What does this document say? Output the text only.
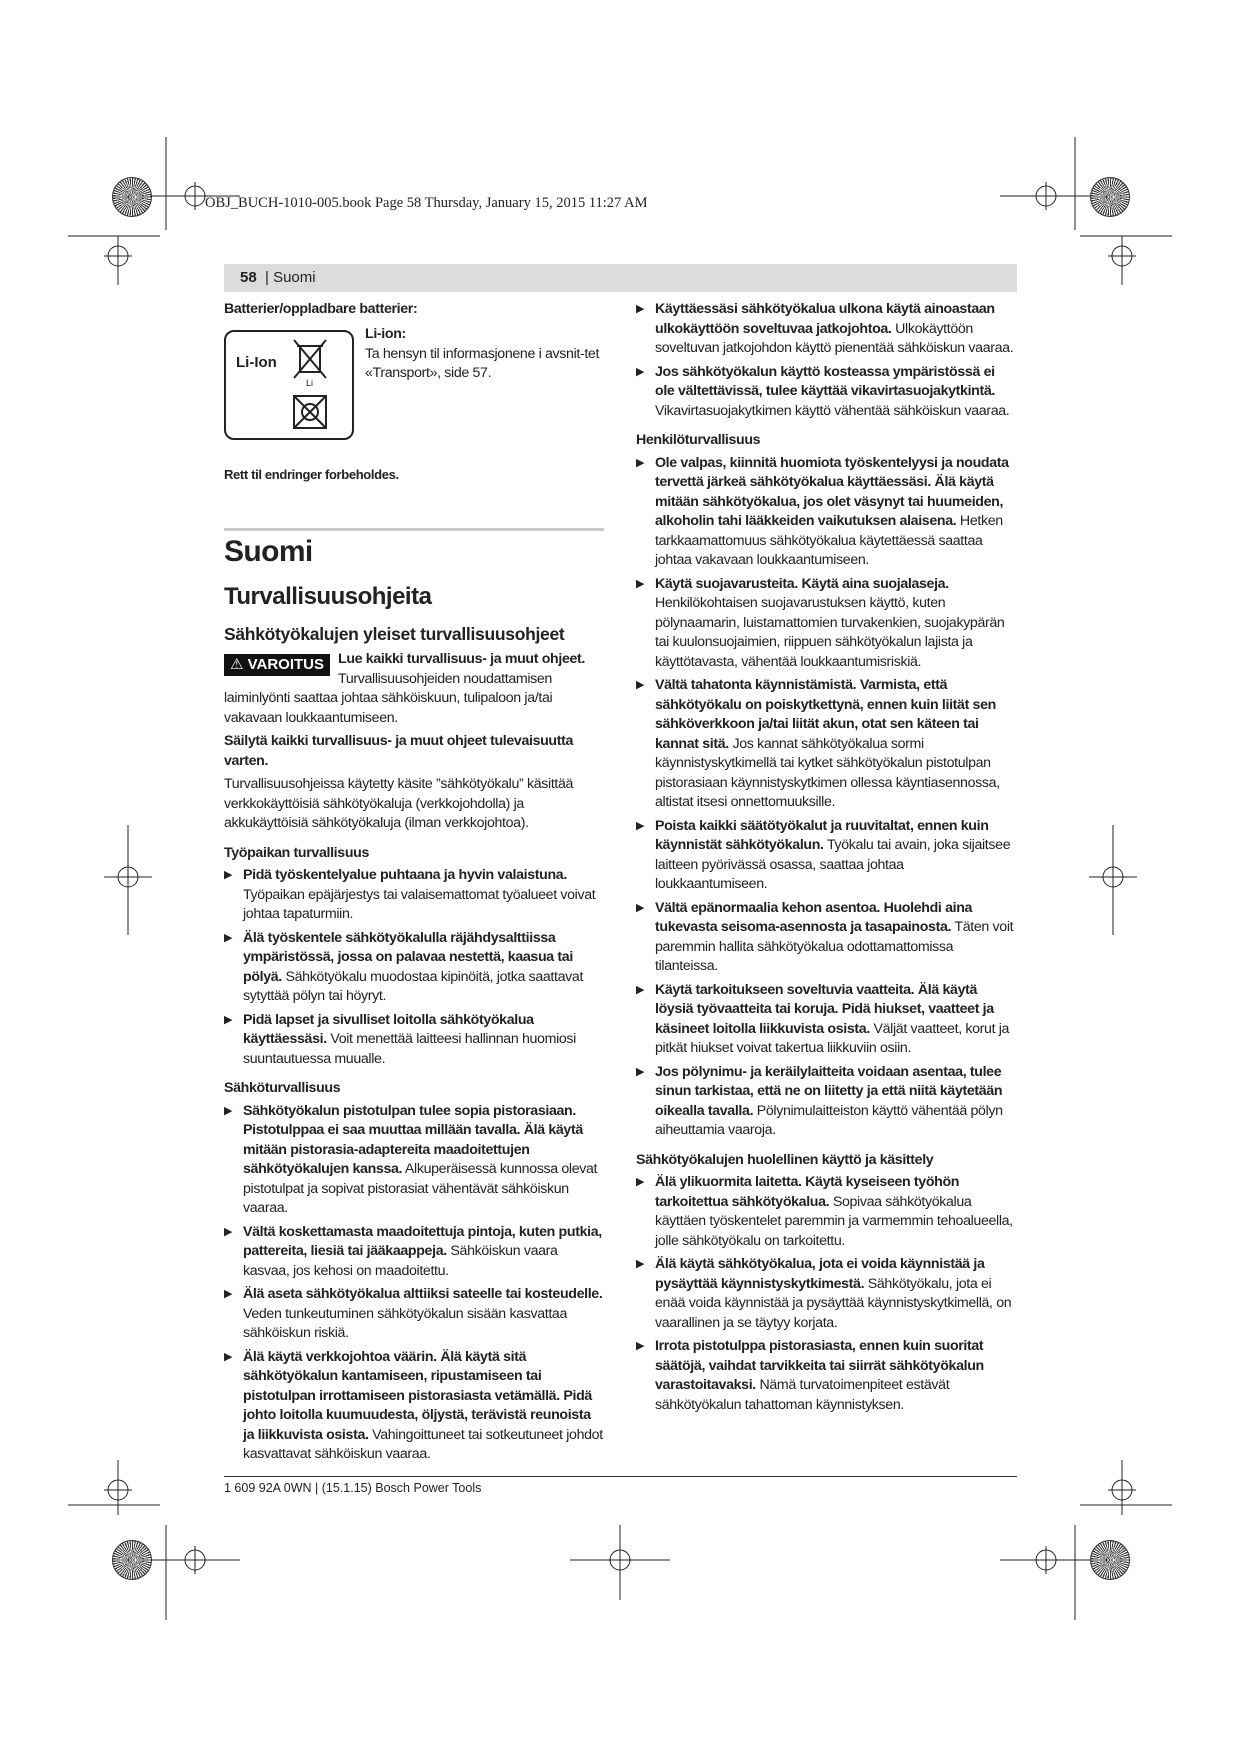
OBJ_BUCH-1010-005.book Page 58 Thursday, January 15, 2015 11:27 AM
58 | Suomi
Batterier/oppladbare batterier:
Li-Ion
Li
Li-ion:
Ta hensyn til informasjonene i avsnit-tet «Transport», side 57.
Rett til endringer forbeholdes.
Suomi
Turvallisuusohjeita
Sähkötyökalujen yleiset turvallisuusohjeet

⚠ VAROITUS Lue kaikki turvallisuus- ja muut ohjeet. Turvallisuusohjeiden noudattamisen laiminlyönti saattaa johtaa sähköiskuun, tulipaloon ja/tai vakavaan loukkaantumiseen.

Säilytä kaikki turvallisuus- ja muut ohjeet tulevaisuutta varten.

Turvallisuusohjeissa käytetty käsite ”sähkötyökalu” käsittää verkkokäyttöisiä sähkötyökaluja (verkkojohdolla) ja akkukäyttöisiä sähkötyökaluja (ilman verkkojohtoa).

Työpaikan turvallisuus
▶ Pidä työskentelyalue puhtaana ja hyvin valaistuna. Työpaikan epäjärjestys tai valaisemattomat työalueet voivat johtaa tapaturmiin.
▶ Älä työskentele sähkötyökalulla räjähdysalttiissa ympäristössä, jossa on palavaa nestettä, kaasua tai pölyä. Sähkötyökalu muodostaa kipinöitä, jotka saattavat sytyttää pölyn tai höyryt.
▶ Pidä lapset ja sivulliset loitolla sähkötyökalua käyttäessäsi. Voit menettää laitteesi hallinnan huomiosi suuntautuessa muualle.
Sähköturvallisuus
▶ Sähkötyökalun pistotulpan tulee sopia pistorasiaan. Pistotulppaa ei saa muuttaa millään tavalla. Älä käytä mitään pistorasia-adaptereita maadoitettujen sähkötyökalujen kanssa. Alkuperäisessä kunnossa olevat pistotulpat ja sopivat pistorasiat vähentävät sähköiskun vaaraa.
▶ Vältä koskettamasta maadoitettuja pintoja, kuten putkia, pattereita, liesiä tai jääkaappeja. Sähköiskun vaara kasvaa, jos kehosi on maadoitettu.
▶ Älä aseta sähkötyökalua alttiiksi sateelle tai kosteudelle. Veden tunkeutuminen sähkötyökalun sisään kasvattaa sähköiskun riskiä.
▶ Älä käytä verkkojohtoa väärin. Älä käytä sitä sähkötyökalun kantamiseen, ripustamiseen tai pistotulpan irrottamiseen pistorasiasta vetämällä. Pidä johto loitolla kuumuudesta, öljystä, terävistä reunoista ja liikkuvista osista. Vahingoittuneet tai sotkeutuneet johdot kasvattavat sähköiskun vaaraa.
▶ Käyttäessäsi sähkötyökalua ulkona käytä ainoastaan ulkokäyttöön soveltuvaa jatkojohtoa. Ulkokäyttöön soveltuvan jatkojohdon käyttö pienentää sähköiskun vaaraa.
▶ Jos sähkötyökalun käyttö kosteassa ympäristössä ei ole vältettävissä, tulee käyttää vikavirtasuojakytkintä. Vikavirtasuojakytkimen käyttö vähentää sähköiskun vaaraa.
Henkilöturvallisuus
▶ Ole valpas, kiinnitä huomiota työskentelyysi ja noudata tervettä järkeä sähkötyökalua käyttäessäsi. Älä käytä mitään sähkötyökalua, jos olet väsynyt tai huumeiden, alkoholin tahi lääkkeiden vaikutuksen alaisena. Hetken tarkkaamattomuus sähkötyökalua käytettäessä saattaa johtaa vakavaan loukkaantumiseen.
▶ Käytä suojavarusteita. Käytä aina suojalaseja. Henkilökohtaisen suojavarustuksen käyttö, kuten pölynaamarin, luistamattomien turvakenkien, suojakypärän tai kuulonsuojaimien, riippuen sähkötyökalun lajista ja käyttötavasta, vähentää loukkaantumisriskiä.
▶ Vältä tahatonta käynnistämistä. Varmista, että sähkötyökalu on poiskytkettynä, ennen kuin liität sen sähköverkkoon ja/tai liität akun, otat sen käteen tai kannat sitä. Jos kannat sähkötyökalua sormi käynnistyskytkimellä tai kytket sähkötyökalun pistotulpan pistorasiaan käynnistyskytkimen ollessa käyntiasennossa, altistat itsesi onnettomuuksille.
▶ Poista kaikki säätötyökalut ja ruuvitaltat, ennen kuin käynnistät sähkötyökalun. Työkalu tai avain, joka sijaitsee laitteen pyörivässä osassa, saattaa johtaa loukkaantumiseen.
▶ Vältä epänormaalia kehon asentoa. Huolehdi aina tukevasta seisoma-asennosta ja tasapainosta. Täten voit paremmin hallita sähkötyökalua odottamattomissa tilanteissa.
▶ Käytä tarkoitukseen soveltuvia vaatteita. Älä käytä löysiä työvaatteita tai koruja. Pidä hiukset, vaatteet ja käsineet loitolla liikkuvista osista. Väljät vaatteet, korut ja pitkät hiukset voivat takertua liikkuviin osiin.
▶ Jos pölynimu- ja keräilylaitteita voidaan asentaa, tulee sinun tarkistaa, että ne on liitetty ja että niitä käytetään oikealla tavalla. Pölynimulaitteiston käyttö vähentää pölyn aiheuttamia vaaroja.
Sähkötyökalujen huolellinen käyttö ja käsittely
▶ Älä ylikuormita laitetta. Käytä kyseiseen työhön tarkoitettua sähkötyökalua. Sopivaa sähkötyökalua käyttäen työskentelet paremmin ja varmemmin tehoalueella, jolle sähkötyökalu on tarkoitettu.
▶ Älä käytä sähkötyökalua, jota ei voida käynnistää ja pysäyttää käynnistyskytkimestä. Sähkötyökalu, jota ei enää voida käynnistää ja pysäyttää käynnistyskytkimellä, on vaarallinen ja se täytyy korjata.
▶ Irrota pistotulppa pistorasiasta, ennen kuin suoritat säätöjä, vaihdat tarvikkeita tai siirrät sähkötyökalun varastoitavaksi. Nämä turvatoimenpiteet estävät sähkötyökalun tahattoman käynnistyksen.
1 609 92A 0WN | (15.1.15) Bosch Power Tools
